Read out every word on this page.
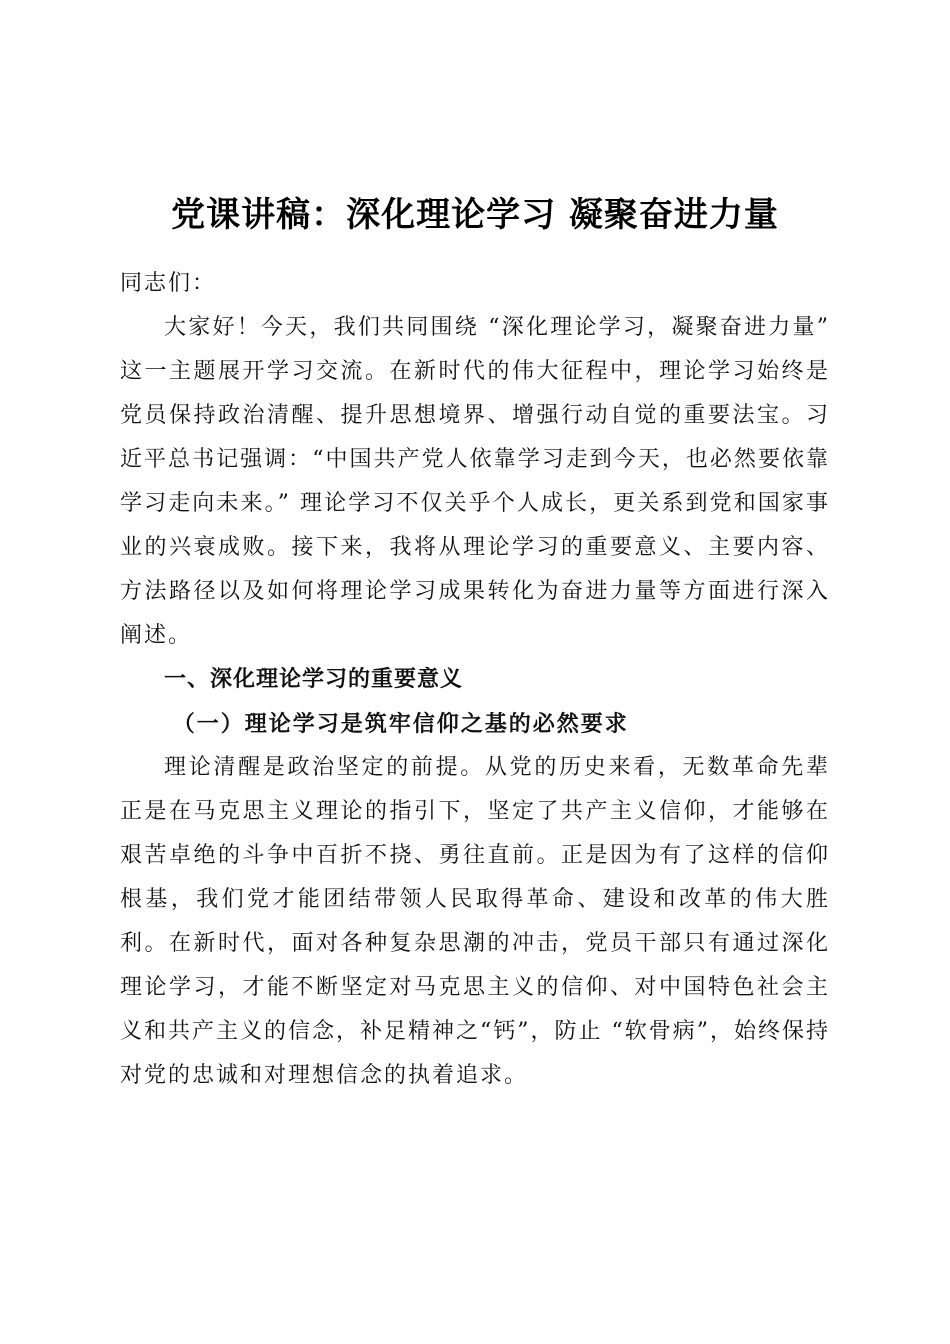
党课讲稿：深化理论学习 凝聚奋进力量

同志们：

大家好！今天，我们共同围绕 “深化理论学习，凝聚奋进力量” 这一主题展开学习交流。在新时代的伟大征程中，理论学习始终是党员保持政治清醒、提升思想境界、增强行动自觉的重要法宝。习近平总书记强调：“中国共产党人依靠学习走到今天，也必然要依靠学习走向未来。” 理论学习不仅关乎个人成长，更关系到党和国家事业的兴衰成败。接下来，我将从理论学习的重要意义、主要内容、方法路径以及如何将理论学习成果转化为奋进力量等方面进行深入阐述。

一、深化理论学习的重要意义

（一）理论学习是筑牢信仰之基的必然要求

理论清醒是政治坚定的前提。从党的历史来看，无数革命先辈正是在马克思主义理论的指引下，坚定了共产主义信仰，才能够在艰苦卓绝的斗争中百折不挠、勇往直前。正是因为有了这样的信仰根基，我们党才能团结带领人民取得革命、建设和改革的伟大胜利。在新时代，面对各种复杂思潮的冲击，党员干部只有通过深化理论学习，才能不断坚定对马克思主义的信仰、对中国特色社会主义和共产主义的信念，补足精神之“钙”，防止 “软骨病”，始终保持对党的忠诚和对理想信念的执着追求。
